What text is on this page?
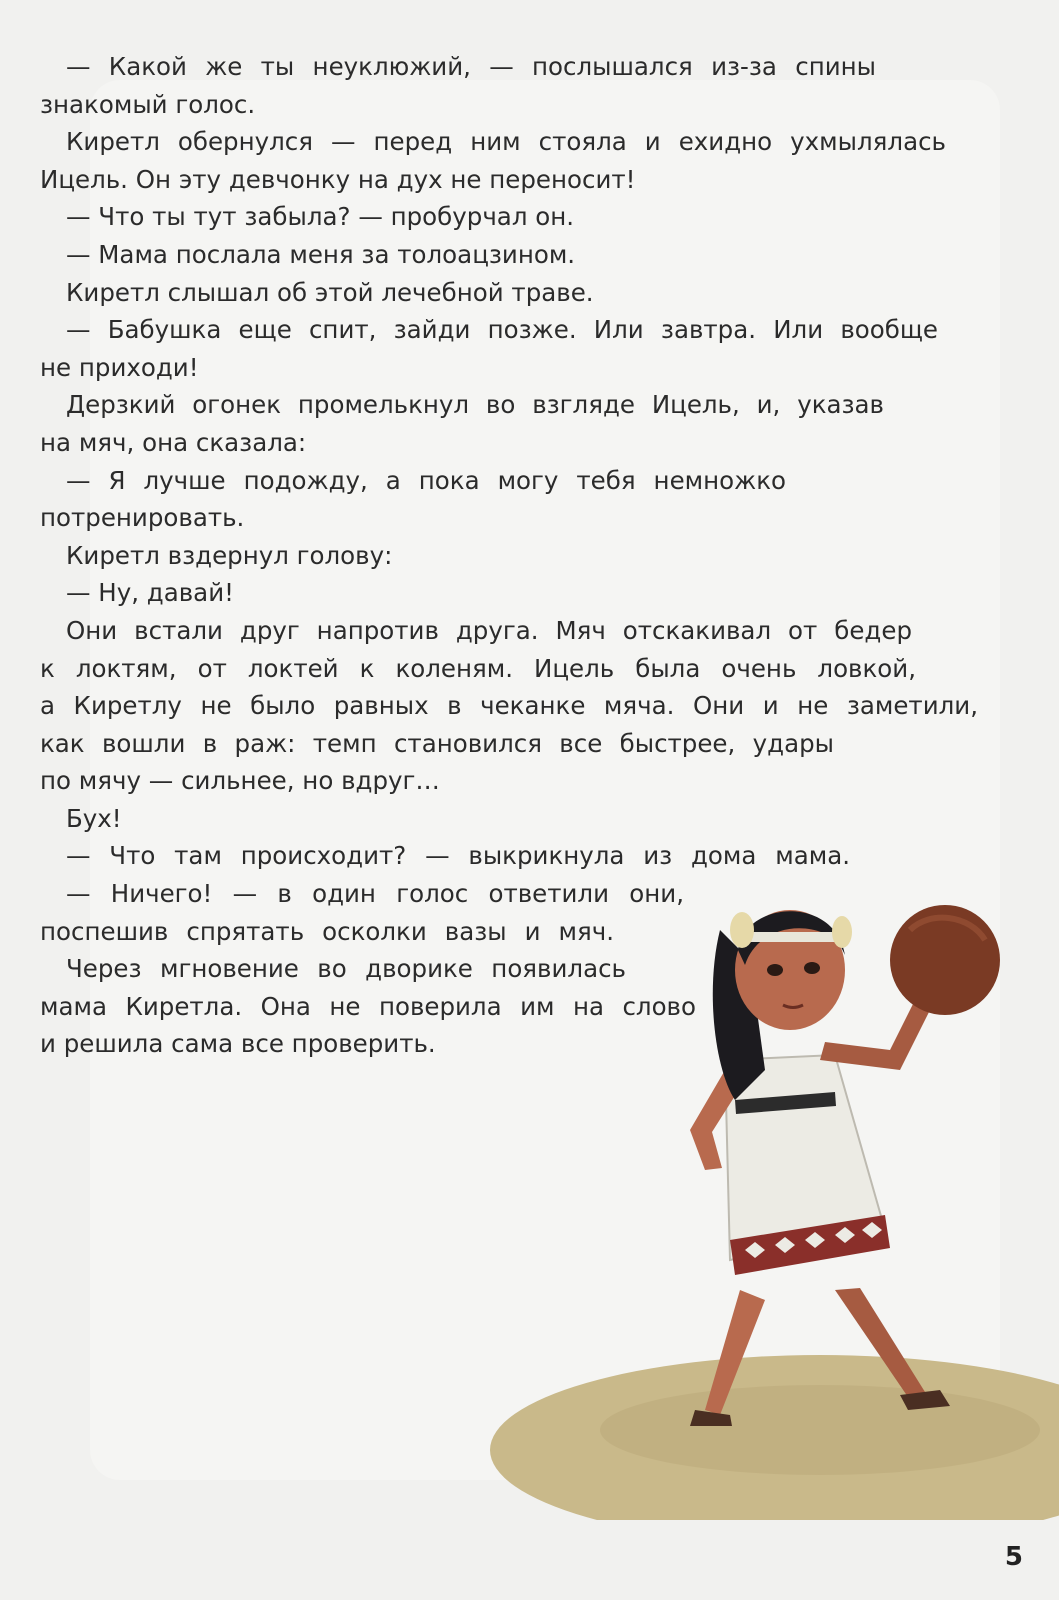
— Какой же ты неуклюжий, — послышался из-за спины
знакомый голос.
Киретл обернулся — перед ним стояла и ехидно ухмылялась
Ицель. Он эту девчонку на дух не переносит!
— Что ты тут забыла? — пробурчал он.
— Мама послала меня за толоацзином.
Киретл слышал об этой лечебной траве.
— Бабушка еще спит, зайди позже. Или завтра. Или вообще
не приходи!
Дерзкий огонек промелькнул во взгляде Ицель, и, указав
на мяч, она сказала:
— Я лучше подожду, а пока могу тебя немножко
потренировать.
Киретл вздернул голову:
— Ну, давай!
Они встали друг напротив друга. Мяч отскакивал от бедер
к локтям, от локтей к коленям. Ицель была очень ловкой,
а Киретлу не было равных в чеканке мяча. Они и не заметили,
как вошли в раж: темп становился все быстрее, удары
по мячу — сильнее, но вдруг…
Бух!
— Что там происходит? — выкрикнула из дома мама.
— Ничего! — в один голос ответили они,
поспешив спрятать осколки вазы и мяч.
Через мгновение во дворике появилась
мама Киретла. Она не поверила им на слово
и решила сама все проверить.
5
